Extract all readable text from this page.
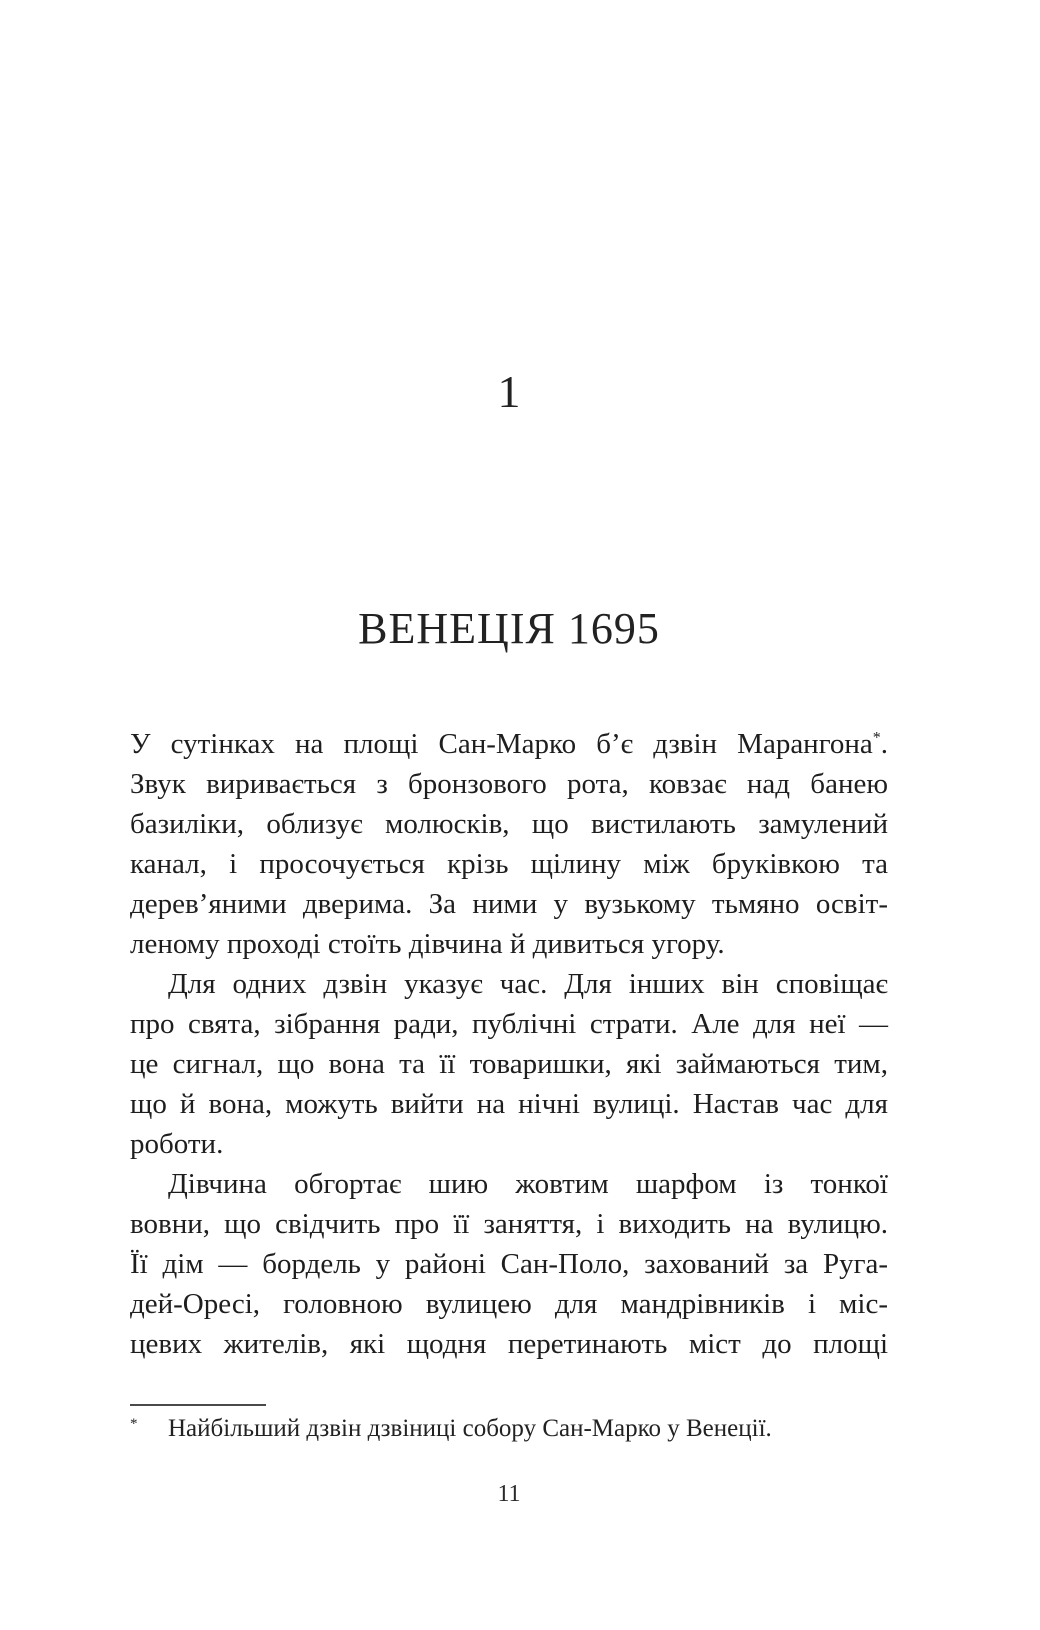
1
ВЕНЕЦІЯ 1695
У сутінках на площі Сан-Марко б’є дзвін Марангона*.
Звук виривається з бронзового рота, ковзає над банею
базиліки, облизує молюсків, що вистилають замулений
канал, і просочується крізь щілину між бруківкою та
дерев’яними дверима. За ними у вузькому тьмяно освіт-
леному проході стоїть дівчина й дивиться угору.
Для одних дзвін указує час. Для інших він сповіщає
про свята, зібрання ради, публічні страти. Але для неї —
це сигнал, що вона та її товаришки, які займаються тим,
що й вона, можуть вийти на нічні вулиці. Настав час для
роботи.
Дівчина обгортає шию жовтим шарфом із тонкої
вовни, що свідчить про її заняття, і виходить на вулицю.
Її дім — бордель у районі Сан-Поло, захований за Руга-
дей-Оресі, головною вулицею для мандрівників і міс-
цевих жителів, які щодня перетинають міст до площі
* Найбільший дзвін дзвіниці собору Сан-Марко у Венеції.
11
